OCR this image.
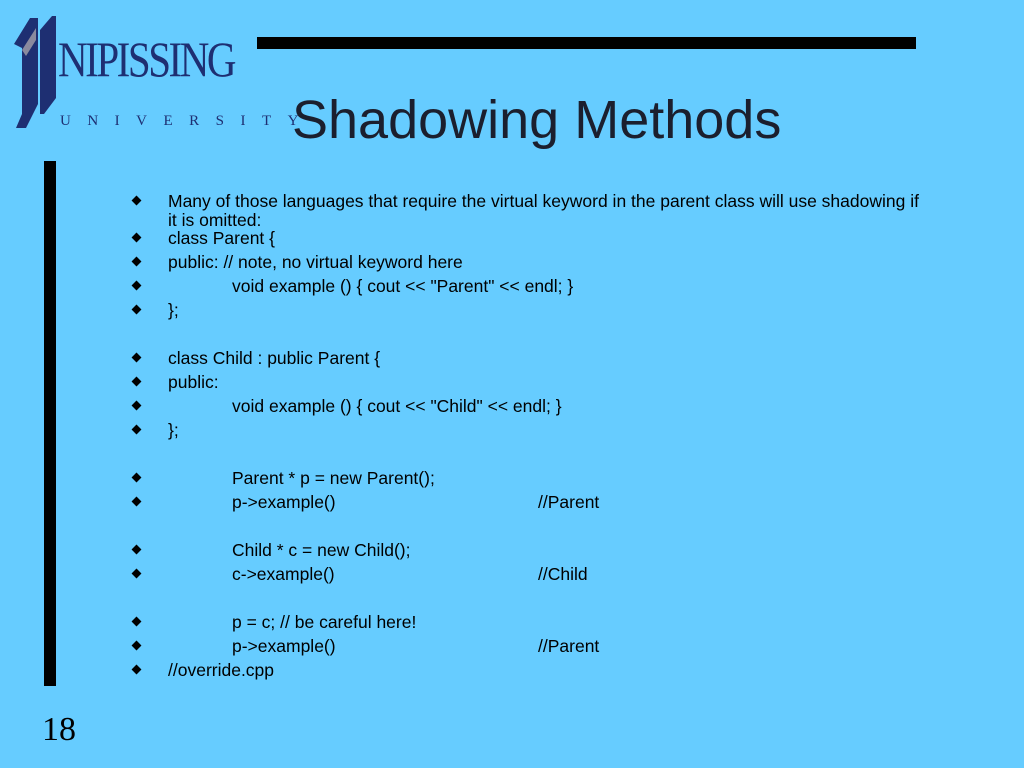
NIPISSING
UNIVERSITY
Shadowing Methods
Many of those languages that require the virtual keyword in the parent class will use shadowing if it is omitted:
class Parent {
public: // note, no virtual keyword here
void example () { cout << "Parent" << endl; }
};
class Child : public Parent {
public:
void example () { cout << "Child" << endl; }
};
Parent * p = new Parent();
p->example()	//Parent
Child * c = new Child();
c->example()	//Child
p = c; // be careful here!
p->example()	//Parent
//override.cpp
18
